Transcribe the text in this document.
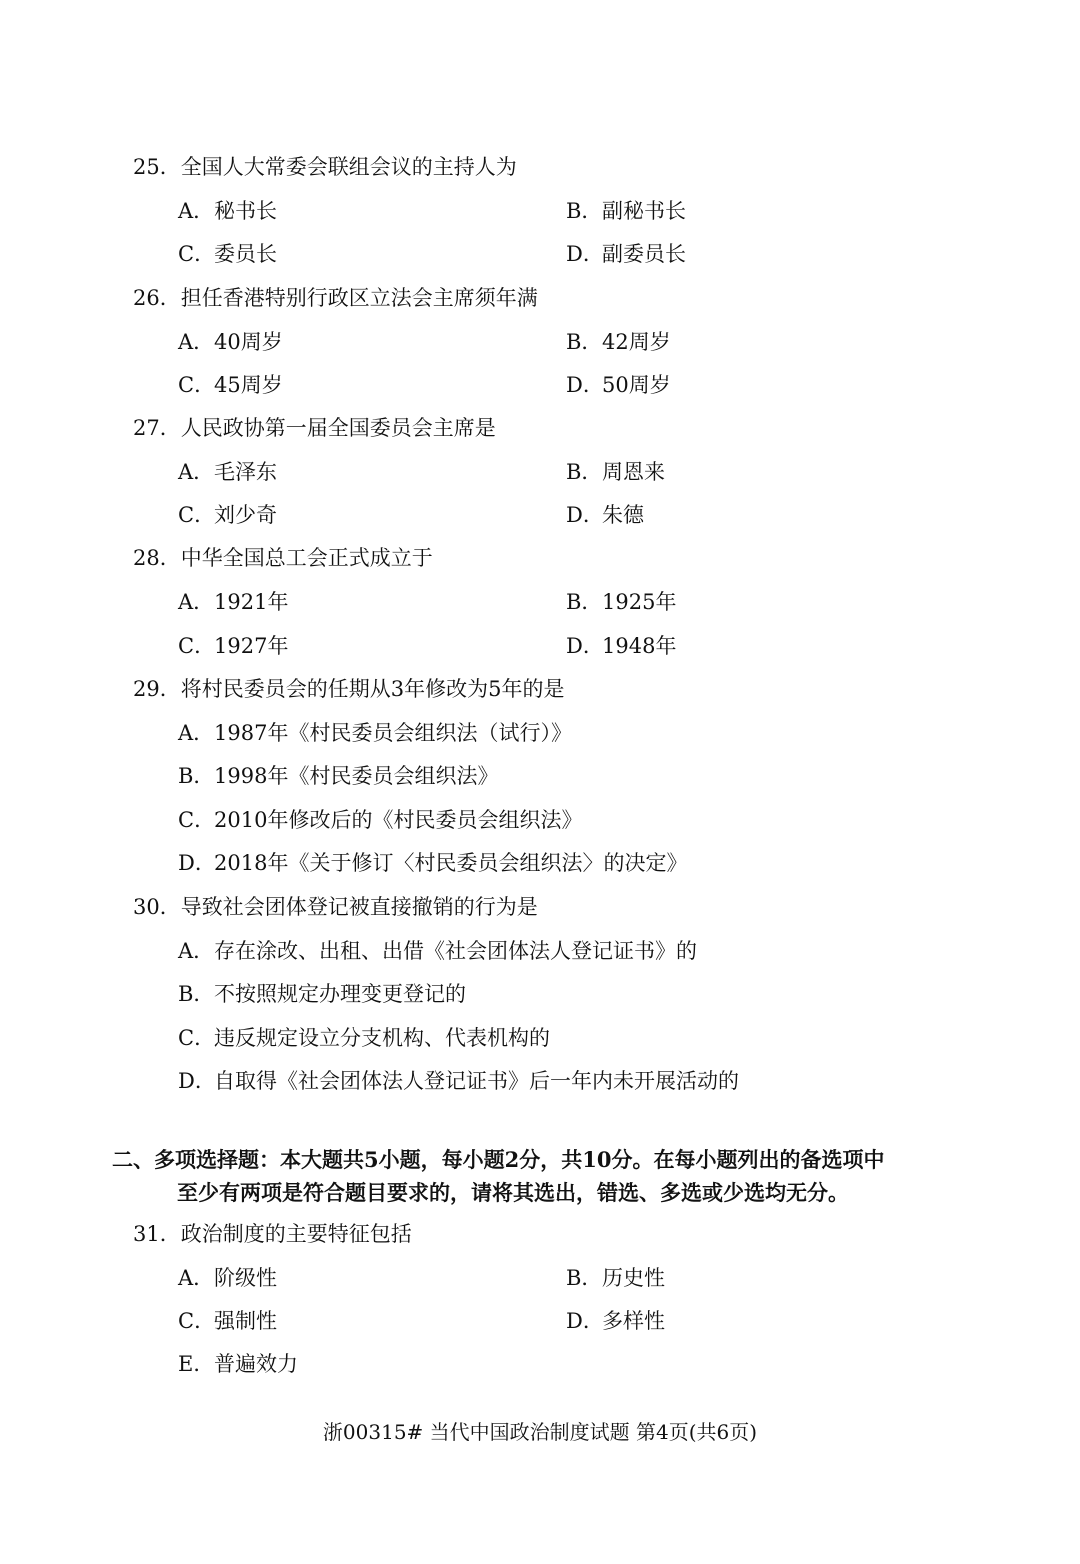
25．全国人大常委会联组会议的主持人为
A．秘书长	B．副秘书长
C．委员长	D．副委员长
26．担任香港特别行政区立法会主席须年满
A．40周岁	B．42周岁
C．45周岁	D．50周岁
27．人民政协第一届全国委员会主席是
A．毛泽东	B．周恩来
C．刘少奇	D．朱德
28．中华全国总工会正式成立于
A．1921年	B．1925年
C．1927年	D．1948年
29．将村民委员会的任期从3年修改为5年的是
A．1987年《村民委员会组织法（试行）》
B．1998年《村民委员会组织法》
C．2010年修改后的《村民委员会组织法》
D．2018年《关于修订〈村民委员会组织法〉的决定》
30．导致社会团体登记被直接撤销的行为是
A．存在涂改、出租、出借《社会团体法人登记证书》的
B．不按照规定办理变更登记的
C．违反规定设立分支机构、代表机构的
D．自取得《社会团体法人登记证书》后一年内未开展活动的
二、多项选择题：本大题共5小题，每小题2分，共10分。在每小题列出的备选项中
至少有两项是符合题目要求的，请将其选出，错选、多选或少选均无分。
31．政治制度的主要特征包括
A．阶级性	B．历史性
C．强制性	D．多样性
E．普遍效力
浙00315# 当代中国政治制度试题 第4页(共6页)
